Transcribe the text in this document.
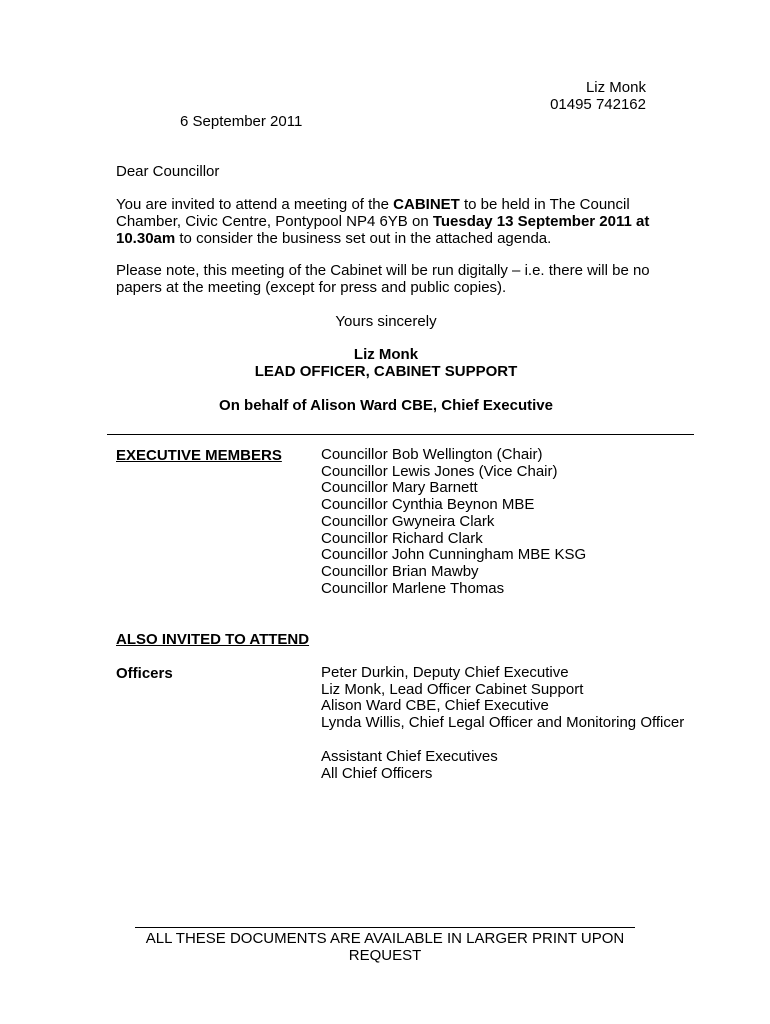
Liz Monk
01495 742162
6 September 2011
Dear Councillor
You are invited to attend a meeting of the CABINET to be held in The Council Chamber, Civic Centre, Pontypool NP4 6YB on Tuesday 13 September 2011 at 10.30am to consider the business set out in the attached agenda.
Please note, this meeting of the Cabinet will be run digitally – i.e. there will be no papers at the meeting (except for press and public copies).
Yours sincerely
Liz Monk
LEAD OFFICER, CABINET SUPPORT
On behalf of Alison Ward CBE, Chief Executive
EXECUTIVE MEMBERS	Councillor Bob Wellington (Chair)
Councillor Lewis Jones (Vice Chair)
Councillor Mary Barnett
Councillor Cynthia Beynon MBE
Councillor Gwyneira Clark
Councillor Richard Clark
Councillor John Cunningham MBE KSG
Councillor Brian Mawby
Councillor Marlene Thomas
ALSO INVITED TO ATTEND
Officers	Peter Durkin, Deputy Chief Executive
Liz Monk, Lead Officer Cabinet Support
Alison Ward CBE, Chief Executive
Lynda Willis, Chief Legal Officer and Monitoring Officer
Assistant Chief Executives
All Chief Officers
ALL THESE DOCUMENTS ARE AVAILABLE IN LARGER PRINT UPON
REQUEST
